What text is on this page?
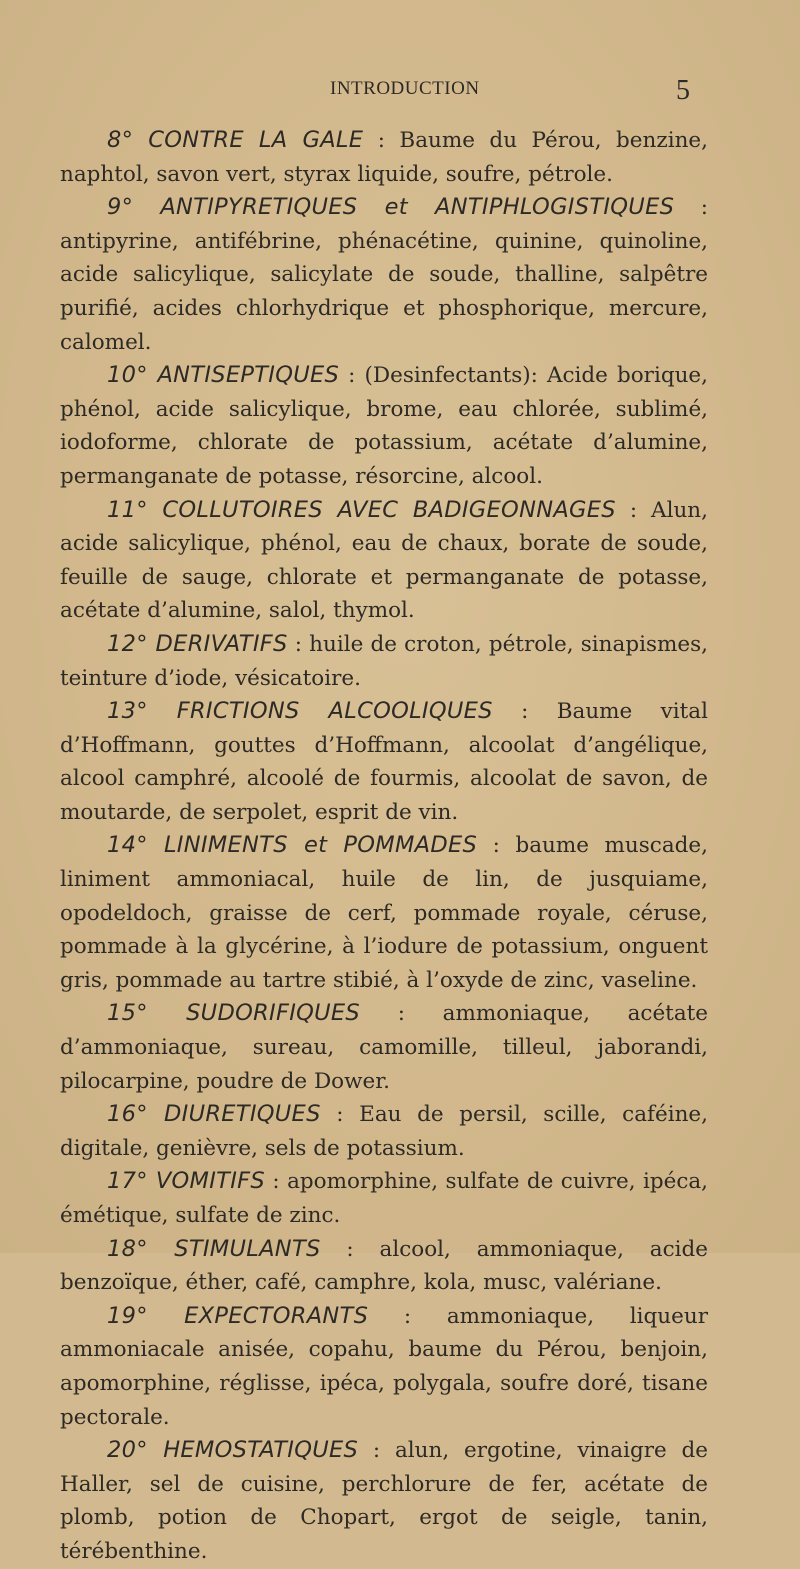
INTRODUCTION	5

8° CONTRE LA GALE : Baume du Pérou, benzine, naphtol, savon vert, styrax liquide, soufre, pétrole.

9° ANTIPYRETIQUES et ANTIPHLOGISTIQUES : antipyrine, antifébrine, phénacétine, quinine, quinoline, acide salicylique, salicylate de soude, thalline, salpêtre purifié, acides chlorhydrique et phosphorique, mercure, calomel.

10° ANTISEPTIQUES : (Desinfectants): Acide borique, phénol, acide salicylique, brome, eau chlorée, sublimé, iodoforme, chlorate de potassium, acétate d’alumine, permanganate de potasse, résorcine, alcool.

11° COLLUTOIRES AVEC BADIGEONNAGES : Alun, acide salicylique, phénol, eau de chaux, borate de soude, feuille de sauge, chlorate et permanganate de potasse, acétate d’alumine, salol, thymol.

12° DERIVATIFS : huile de croton, pétrole, sinapismes, teinture d’iode, vésicatoire.

13° FRICTIONS ALCOOLIQUES : Baume vital d’Hoffmann, gouttes d’Hoffmann, alcoolat d’angélique, alcool camphré, alcoolé de fourmis, alcoolat de savon, de moutarde, de serpolet, esprit de vin.

14° LINIMENTS et POMMADES : baume muscade, liniment ammoniacal, huile de lin, de jusquiame, opodeldoch, graisse de cerf, pommade royale, céruse, pommade à la glycérine, à l’iodure de potassium, onguent gris, pommade au tartre stibié, à l’oxyde de zinc, vaseline.

15° SUDORIFIQUES : ammoniaque, acétate d’ammoniaque, sureau, camomille, tilleul, jaborandi, pilocarpine, poudre de Dower.

16° DIURETIQUES : Eau de persil, scille, caféine, digitale, genièvre, sels de potassium.

17° VOMITIFS : apomorphine, sulfate de cuivre, ipéca, émétique, sulfate de zinc.

18° STIMULANTS : alcool, ammoniaque, acide benzoïque, éther, café, camphre, kola, musc, valériane.

19° EXPECTORANTS : ammoniaque, liqueur ammoniacale anisée, copahu, baume du Pérou, benjoin, apomorphine, réglisse, ipéca, polygala, soufre doré, tisane pectorale.

20° HEMOSTATIQUES : alun, ergotine, vinaigre de Haller, sel de cuisine, perchlorure de fer, acétate de plomb, potion de Chopart, ergot de seigle, tanin, térébenthine.
